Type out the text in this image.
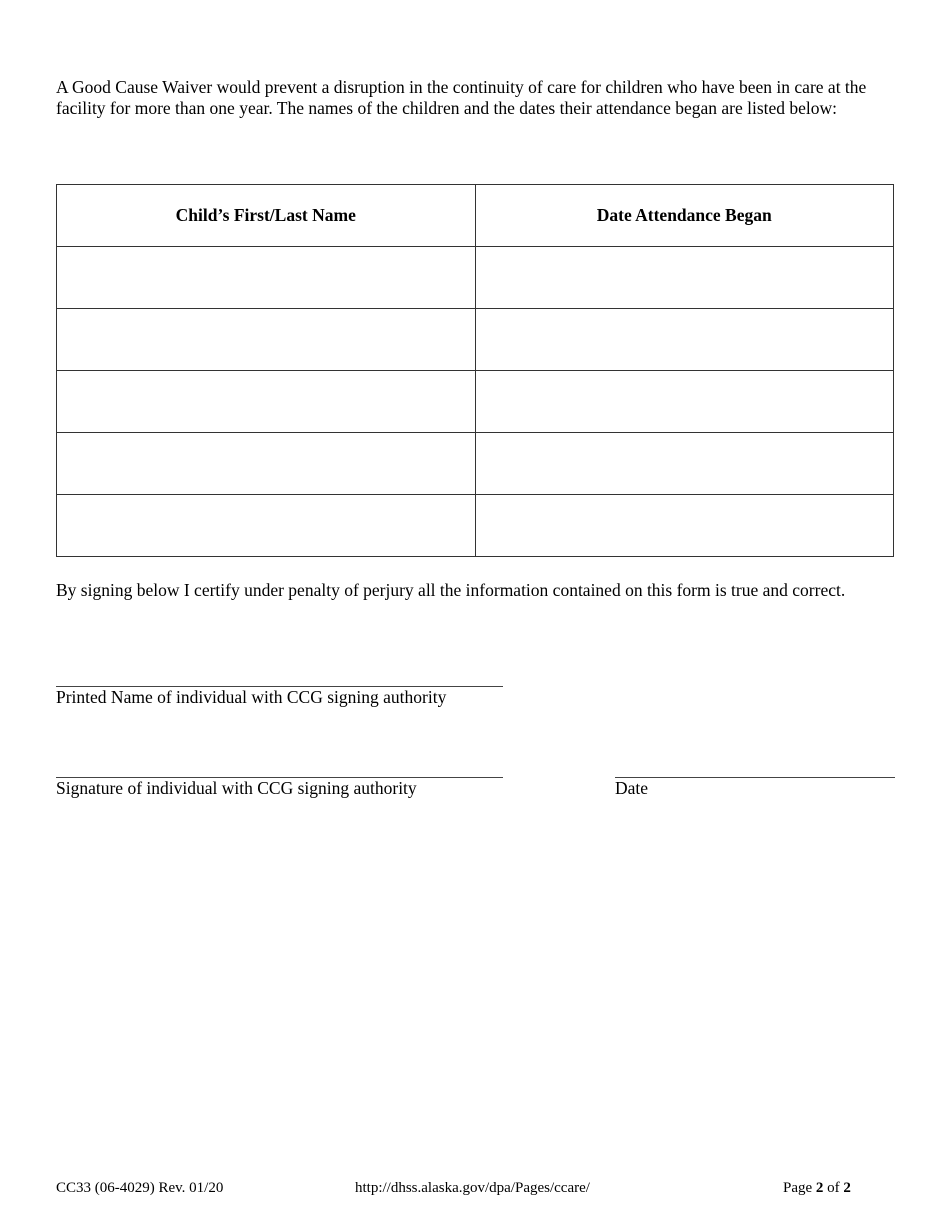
A Good Cause Waiver would prevent a disruption in the continuity of care for children who have been in care at the facility for more than one year. The names of the children and the dates their attendance began are listed below:
Child’s First/Last Name	Date Attendance Began

By signing below I certify under penalty of perjury all the information contained on this form is true and correct.
Printed Name of individual with CCG signing authority
Signature of individual with CCG signing authority	Date
CC33 (06-4029) Rev. 01/20	http://dhss.alaska.gov/dpa/Pages/ccare/	Page 2 of 2
